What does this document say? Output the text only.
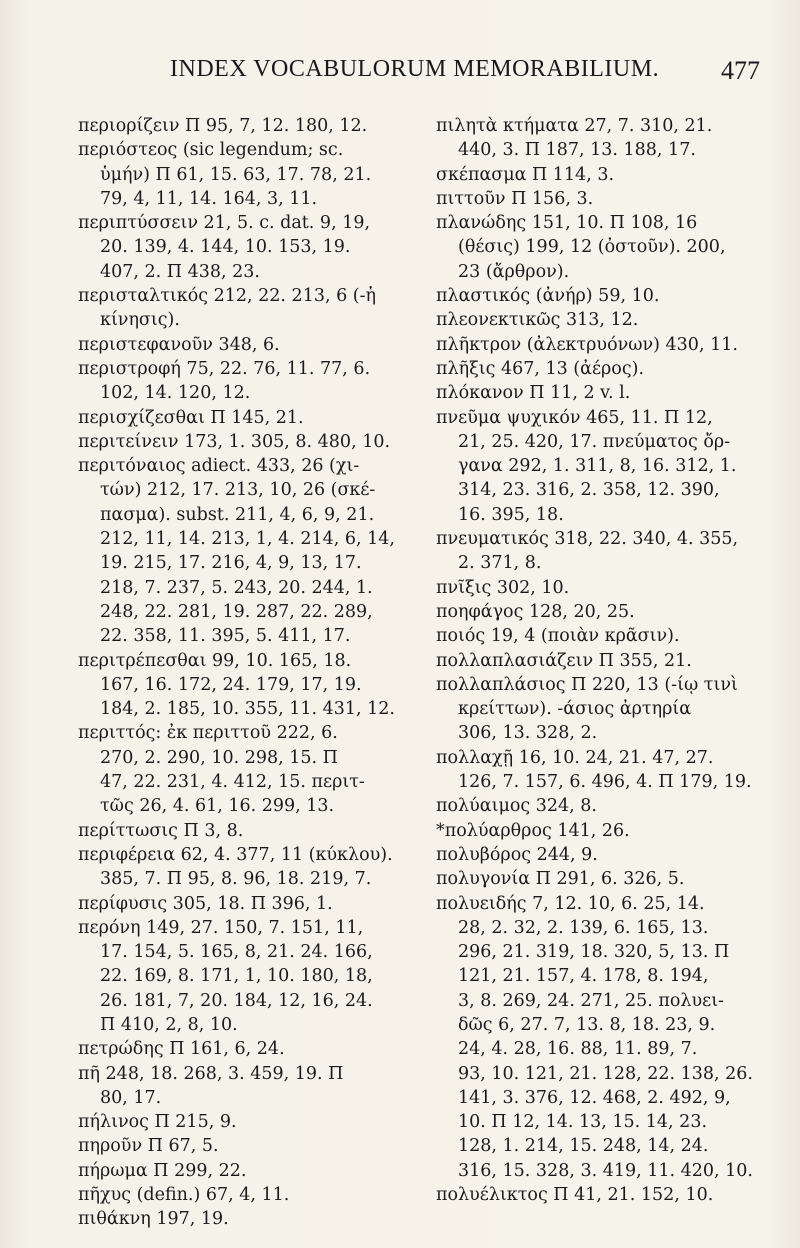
INDEX VOCABULORUM MEMORABILIUM. 477
περιορίζειν Π 95, 7, 12. 180, 12.
περιόστεος (sic legendum; sc.
ὑμήν) Π 61, 15. 63, 17. 78, 21.
79, 4, 11, 14. 164, 3, 11.
περιπτύσσειν 21, 5. c. dat. 9, 19,
20. 139, 4. 144, 10. 153, 19.
407, 2. Π 438, 23.
περισταλτικός 212, 22. 213, 6 (-ἡ
κίνησις).
περιστεφανοῦν 348, 6.
περιστροφή 75, 22. 76, 11. 77, 6.
102, 14. 120, 12.
περισχίζεσθαι Π 145, 21.
περιτείνειν 173, 1. 305, 8. 480, 10.
περιτόναιος adiect. 433, 26 (χι-
τών) 212, 17. 213, 10, 26 (σκέ-
πασμα). subst. 211, 4, 6, 9, 21.
212, 11, 14. 213, 1, 4. 214, 6, 14,
19. 215, 17. 216, 4, 9, 13, 17.
218, 7. 237, 5. 243, 20. 244, 1.
248, 22. 281, 19. 287, 22. 289,
22. 358, 11. 395, 5. 411, 17.
περιτρέπεσθαι 99, 10. 165, 18.
167, 16. 172, 24. 179, 17, 19.
184, 2. 185, 10. 355, 11. 431, 12.
περιττός: ἐκ περιττοῦ 222, 6.
270, 2. 290, 10. 298, 15. Π
47, 22. 231, 4. 412, 15. περιτ-
τῶς 26, 4. 61, 16. 299, 13.
περίττωσις Π 3, 8.
περιφέρεια 62, 4. 377, 11 (κύκλου).
385, 7. Π 95, 8. 96, 18. 219, 7.
περίφυσις 305, 18. Π 396, 1.
περόνη 149, 27. 150, 7. 151, 11,
17. 154, 5. 165, 8, 21. 24. 166,
22. 169, 8. 171, 1, 10. 180, 18,
26. 181, 7, 20. 184, 12, 16, 24.
Π 410, 2, 8, 10.
πετρώδης Π 161, 6, 24.
πῆ 248, 18. 268, 3. 459, 19. Π
80, 17.
πήλινος Π 215, 9.
πηροῦν Π 67, 5.
πήρωμα Π 299, 22.
πῆχυς (defin.) 67, 4, 11.
πιθάκνη 197, 19.
πιλητὰ κτήματα 27, 7. 310, 21.
440, 3. Π 187, 13. 188, 17.
σκέπασμα Π 114, 3.
πιττοῦν Π 156, 3.
πλανώδης 151, 10. Π 108, 16
(θέσις) 199, 12 (ὀστοῦν). 200,
23 (ἄρθρον).
πλαστικός (ἀνήρ) 59, 10.
πλεονεκτικῶς 313, 12.
πλῆκτρον (ἀλεκτρυόνων) 430, 11.
πλῆξις 467, 13 (ἀέρος).
πλόκανον Π 11, 2 v. l.
πνεῦμα ψυχικόν 465, 11. Π 12,
21, 25. 420, 17. πνεύματος ὄρ-
γανα 292, 1. 311, 8, 16. 312, 1.
314, 23. 316, 2. 358, 12. 390,
16. 395, 18.
πνευματικός 318, 22. 340, 4. 355,
2. 371, 8.
πνῖξις 302, 10.
ποηφάγος 128, 20, 25.
ποιός 19, 4 (ποιὰν κρᾶσιν).
πολλαπλασιάζειν Π 355, 21.
πολλαπλάσιος Π 220, 13 (-ίῳ τινὶ
κρείττων). -άσιος ἀρτηρία
306, 13. 328, 2.
πολλαχῇ 16, 10. 24, 21. 47, 27.
126, 7. 157, 6. 496, 4. Π 179, 19.
πολύαιμος 324, 8.
*πολύαρθρος 141, 26.
πολυβόρος 244, 9.
πολυγονία Π 291, 6. 326, 5.
πολυειδής 7, 12. 10, 6. 25, 14.
28, 2. 32, 2. 139, 6. 165, 13.
296, 21. 319, 18. 320, 5, 13. Π
121, 21. 157, 4. 178, 8. 194,
3, 8. 269, 24. 271, 25. πολυει-
δῶς 6, 27. 7, 13. 8, 18. 23, 9.
24, 4. 28, 16. 88, 11. 89, 7.
93, 10. 121, 21. 128, 22. 138, 26.
141, 3. 376, 12. 468, 2. 492, 9,
10. Π 12, 14. 13, 15. 14, 23.
128, 1. 214, 15. 248, 14, 24.
316, 15. 328, 3. 419, 11. 420, 10.
πολυέλικτος Π 41, 21. 152, 10.
